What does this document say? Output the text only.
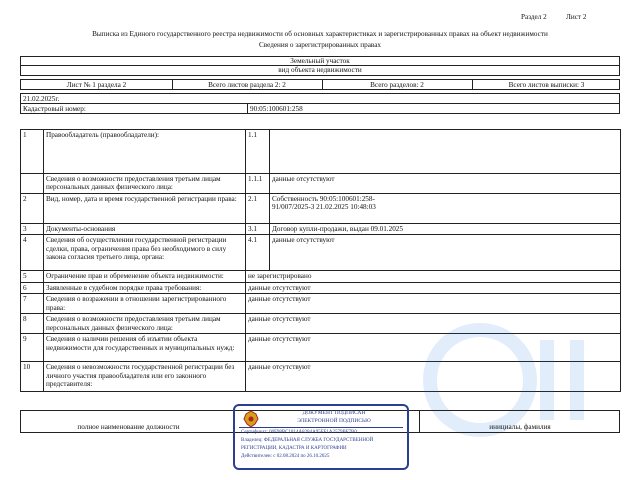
Раздел 2	Лист 2
Выписка из Единого государственного реестра недвижимости об основных характеристиках и зарегистрированных правах на объект недвижимости
Сведения о зарегистрированных правах
Земельный участок
вид объекта недвижимости
Лист № 1 раздела 2	Всего листов раздела 2: 2	Всего разделов: 2	Всего листов выписки: 3
21.02.2025г.
Кадастровый номер:	90:05:100601:258
1	Правообладатель (правообладатели):	1.1	
	Сведения о возможности предоставления третьим лицам персональных данных физического лица:	1.1.1	данные отсутствуют
2	Вид, номер, дата и время государственной регистрации права:	2.1	Собственность 90:05:100601:258-91/007/2025-3 21.02.2025 10:48:03

3	Документы-основания	3.1	Договор купли-продажи, выдан 09.01.2025
4	Сведения об осуществлении государственной регистрации сделки, права, ограничения права без необходимого в силу закона согласия третьего лица, органа:	4.1	данные отсутствуют
5	Ограничение прав и обременение объекта недвижимости:	не зарегистрировано	
6	Заявленные в судебном порядке права требования:	данные отсутствуют	
7	Сведения о возражении в отношении зарегистрированного права:	данные отсутствуют	
8	Сведения о возможности предоставления третьим лицам персональных данных физического лица:	данные отсутствуют	
9	Сведения о наличии решения об изъятии объекта недвижимости для государственных и муниципальных нужд:	данные отсутствуют	
10	Сведения о невозможности государственной регистрации без личного участия правообладателя или его законного представителя:	данные отсутствуют	
полное наименование должности	инициалы, фамилия
ДОКУМЕНТ ПОДПИСАН
ЭЛЕКТРОННОЙ ПОДПИСЬЮ
Сертификат: 00F98BC1814A8284A95FF1A2579BF7B0
Владелец: ФЕДЕРАЛЬНАЯ СЛУЖБА ГОСУДАРСТВЕННОЙ
РЕГИСТРАЦИИ, КАДАСТРА И КАРТОГРАФИИ
Действителен: с 02.08.2024 по 26.10.2025
